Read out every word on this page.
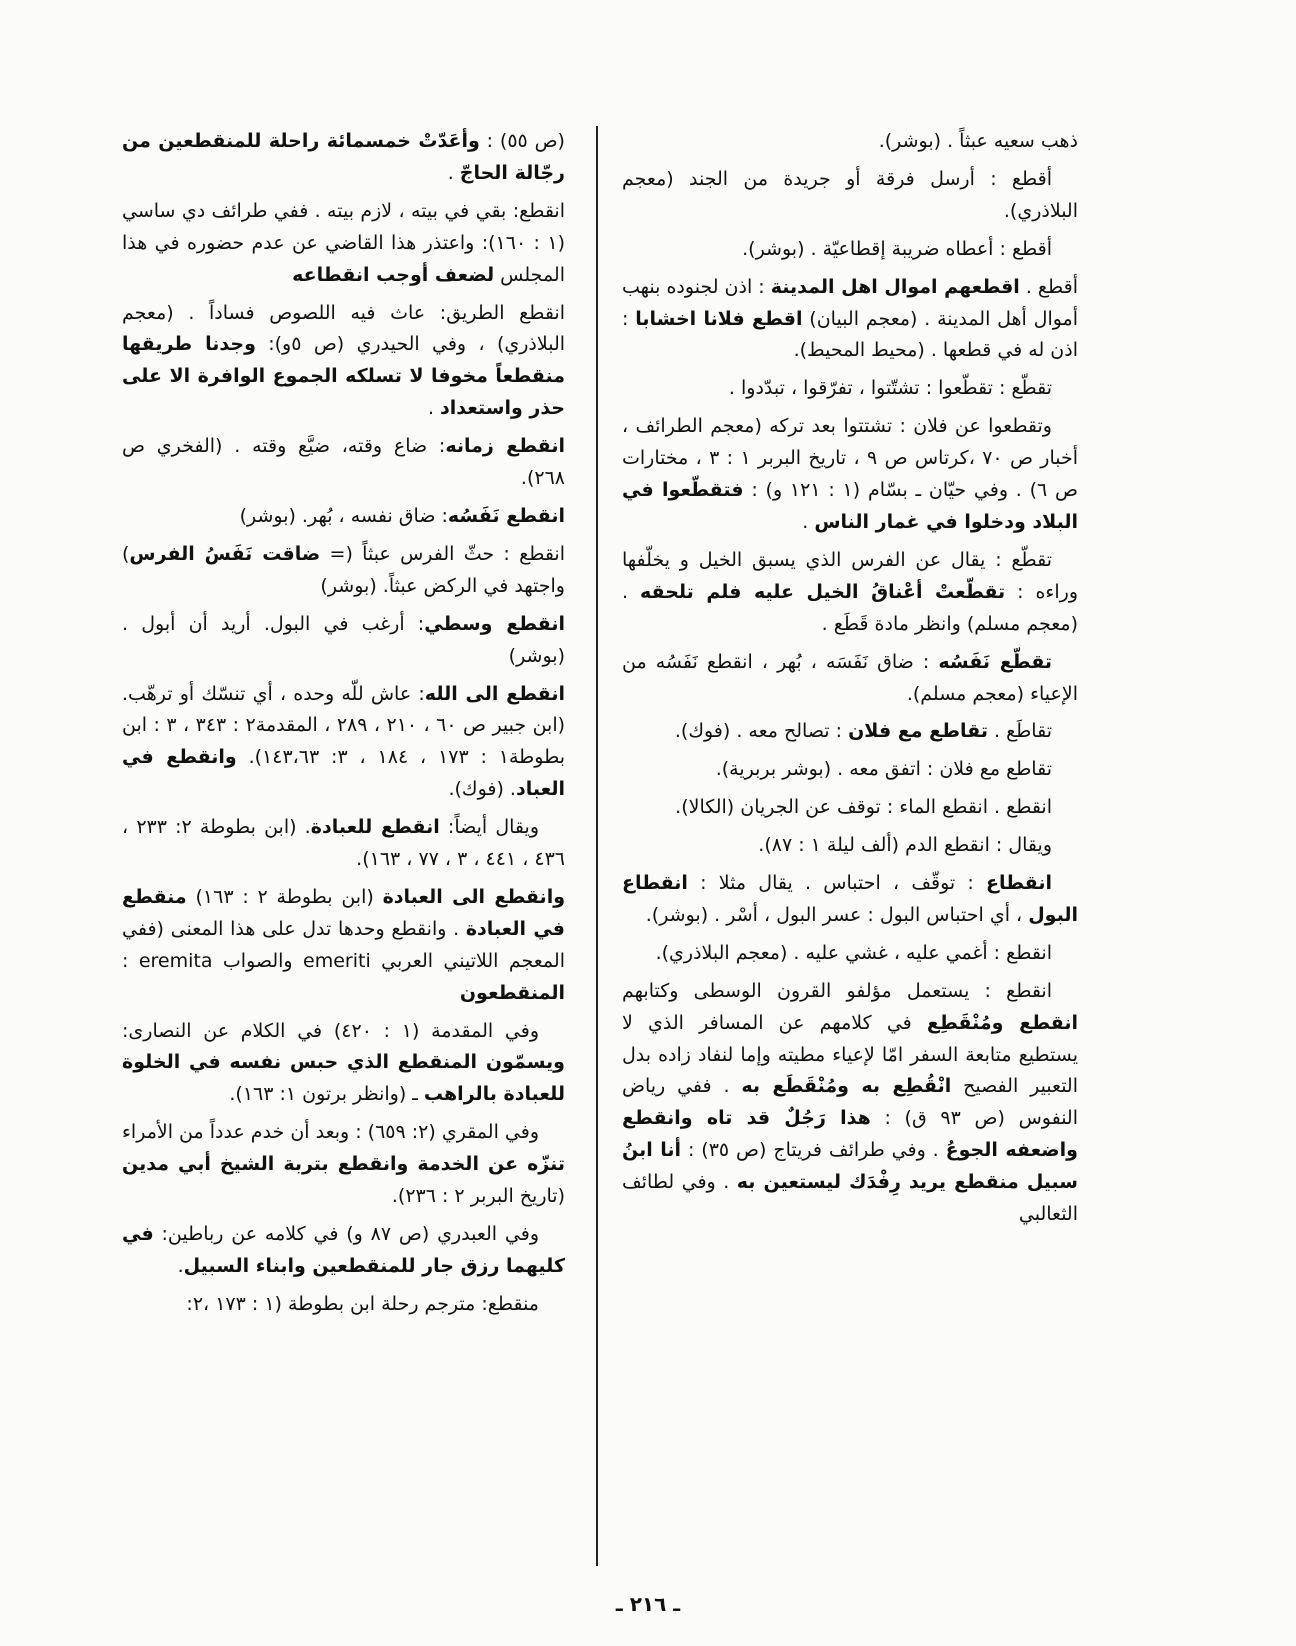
ذهب سعيه عبثاً . (بوشر).

أقطع : أرسل فرقة أو جريدة من الجند (معجم البلاذري).

أقطع : أعطاه ضريبة إقطاعيّة . (بوشر).

أقطع . اقطعهم اموال اهل المدينة : اذن لجنوده بنهب أموال أهل المدينة . (معجم البيان) اقطع فلانا اخشابا : اذن له في قطعها . (محيط المحيط).

تقطّع : تقطّعوا : تشتّتوا ، تفرّقوا ، تبدّدوا .

وتقطعوا عن فلان : تشتتوا بعد تركه (معجم الطرائف ، أخبار ص ٧٠ ،كرتاس ص ٩ ، تاريخ البربر ١ : ٣ ، مختارات ص ٦) . وفي حيّان ـ بسّام (١ : ١٢١ و) : فتقطّعوا في البلاد ودخلوا في غمار الناس .

تقطّع : يقال عن الفرس الذي يسبق الخيل و يخلّفها وراءه : تقطّعتْ أعْناقُ الخيل عليه فلم تلحقه . (معجم مسلم) وانظر مادة قَطَع .

تقطّع نَفَسُه : ضاق نَفَسَه ، بُهر ، انقطع نَفَسُه من الإعياء (معجم مسلم).

تقاطَع . تقاطع مع فلان : تصالح معه . (فوك).

تقاطع مع فلان : اتفق معه . (بوشر بربرية).

انقطع . انقطع الماء : توقف عن الجريان (الكالا).

ويقال : انقطع الدم (ألف ليلة ١ : ٨٧).

انقطاع : توقّف ، احتباس . يقال مثلا : انقطاع البول ، أي احتباس البول : عسر البول ، أسْر . (بوشر).

انقطع : أغمي عليه ، غشي عليه . (معجم البلاذري).

انقطع : يستعمل مؤلفو القرون الوسطى وكتابهم انقطع ومُنْقَطِع في كلامهم عن المسافر الذي لا يستطيع متابعة السفر امّا لإعياء مطيته وإما لنفاد زاده بدل التعبير الفصيح انْقُطِع به ومُنْقَطَع به . ففي رياض النفوس (ص ٩٣ ق) : هذا رَجُلٌ قد تاه وانقطع واضعفه الجوعُ . وفي طرائف فريتاج (ص ٣٥) : أنا ابنُ سبيل منقطع يريد رِفْدَك ليستعين به . وفي لطائف الثعالبي

(ص ٥٥) : وأعَدّتْ خمسمائة راحلة للمنقطعين من رجّالة الحاجّ .

انقطع: بقي في بيته ، لازم بيته . ففي طرائف دي ساسي (١ : ١٦٠): واعتذر هذا القاضي عن عدم حضوره في هذا المجلس لضعف أوجب انقطاعه

انقطع الطريق: عاث فيه اللصوص فساداً . (معجم البلاذري) ، وفي الحيدري (ص ٥و): وجدنا طريقها منقطعاً مخوفا لا تسلكه الجموع الوافرة الا على حذر واستعداد .

انقطع زمانه: ضاع وقته، ضيَّع وقته . (الفخري ص ٢٦٨).

انقطع نَفَسُه: ضاق نفسه ، بُهر. (بوشر)

انقطع : حثّ الفرس عبثاً (= ضاقت نَفَسُ الفرس) واجتهد في الركض عبثاً. (بوشر)

انقطع وسطي: أرغب في البول. أريد أن أبول . (بوشر)

انقطع الى الله: عاش للّه وحده ، أي تنسّك أو ترهّب. (ابن جبير ص ٦٠ ، ٢١٠ ، ٢٨٩ ، المقدمة٢ : ٣٤٣ ، ٣ : ابن بطوطة١ : ١٧٣ ، ١٨٤ ، ٣: ١٤٣،٦٣). وانقطع في العباد. (فوك).

ويقال أيضاً: انقطع للعبادة. (ابن بطوطة ٢: ٢٣٣ ، ٤٣٦ ، ٤٤١ ، ٣ ، ٧٧ ، ١٦٣).

وانقطع الى العبادة (ابن بطوطة ٢ : ١٦٣) منقطع في العبادة . وانقطع وحدها تدل على هذا المعنى (ففي المعجم اللاتيني العربي emeriti والصواب eremita : المنقطعون

وفي المقدمة (١ : ٤٢٠) في الكلام عن النصارى: ويسمّون المنقطع الذي حبس نفسه في الخلوة للعبادة بالراهب ـ (وانظر برتون ١: ١٦٣).

وفي المقري (٢: ٦٥٩) : وبعد أن خدم عدداً من الأمراء تنزّه عن الخدمة وانقطع بتربة الشيخ أبي مدين (تاريخ البربر ٢ : ٢٣٦).

وفي العبدري (ص ٨٧ و) في كلامه عن رباطين: في كليهما رزق جار للمنقطعين وابناء السبيل.

منقطع: مترجم رحلة ابن بطوطة (١ : ١٧٣ ،٢:

ـ ٢١٦ ـ
